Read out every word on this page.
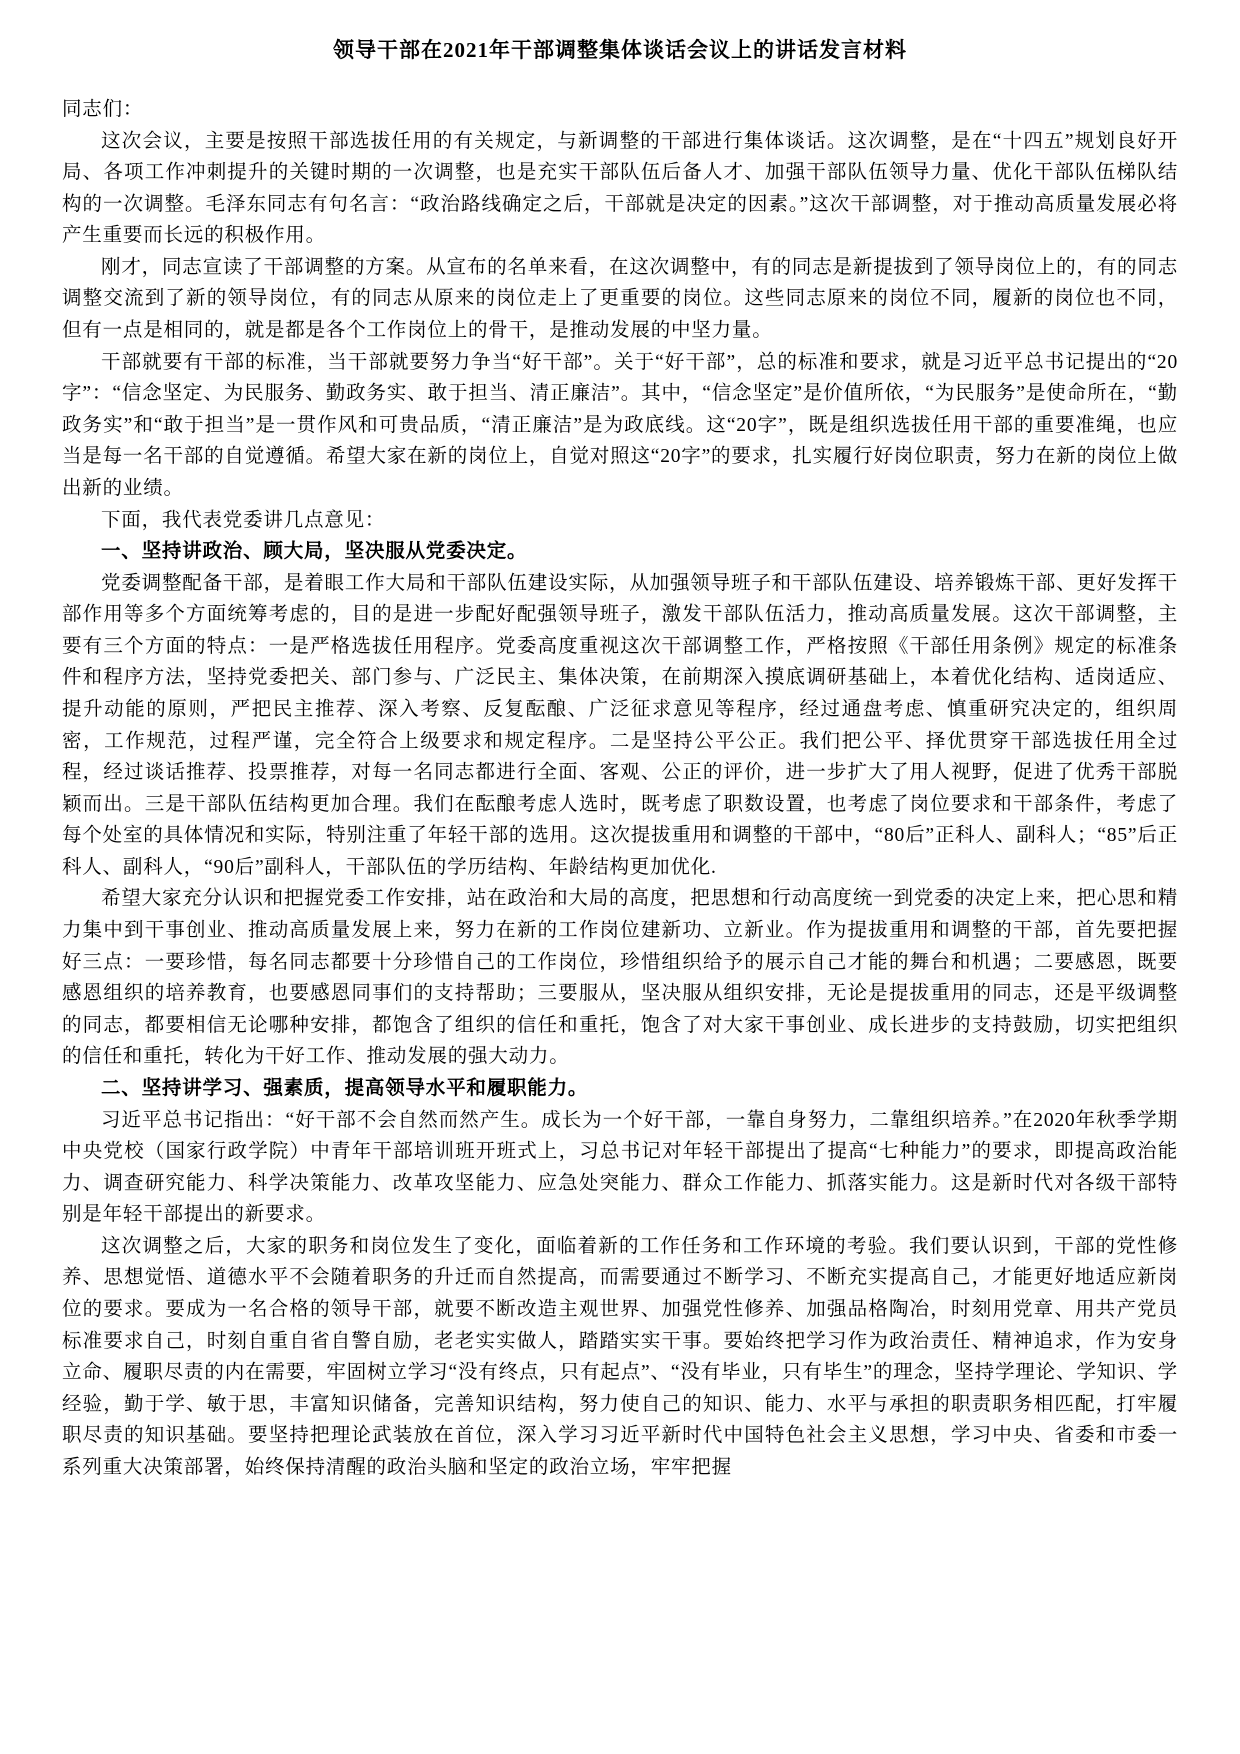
领导干部在2021年干部调整集体谈话会议上的讲话发言材料

同志们：

这次会议，主要是按照干部选拔任用的有关规定，与新调整的干部进行集体谈话。这次调整，是在“十四五”规划良好开局、各项工作冲刺提升的关键时期的一次调整，也是充实干部队伍后备人才、加强干部队伍领导力量、优化干部队伍梯队结构的一次调整。毛泽东同志有句名言：“政治路线确定之后，干部就是决定的因素。”这次干部调整，对于推动高质量发展必将产生重要而长远的积极作用。

刚才，同志宣读了干部调整的方案。从宣布的名单来看，在这次调整中，有的同志是新提拔到了领导岗位上的，有的同志调整交流到了新的领导岗位，有的同志从原来的岗位走上了更重要的岗位。这些同志原来的岗位不同，履新的岗位也不同，但有一点是相同的，就是都是各个工作岗位上的骨干，是推动发展的中坚力量。

干部就要有干部的标准，当干部就要努力争当“好干部”。关于“好干部”，总的标准和要求，就是习近平总书记提出的“20字”：“信念坚定、为民服务、勤政务实、敢于担当、清正廉洁”。其中，“信念坚定”是价值所依，“为民服务”是使命所在，“勤政务实”和“敢于担当”是一贯作风和可贵品质，“清正廉洁”是为政底线。这“20字”，既是组织选拔任用干部的重要准绳，也应当是每一名干部的自觉遵循。希望大家在新的岗位上，自觉对照这“20字”的要求，扎实履行好岗位职责，努力在新的岗位上做出新的业绩。

下面，我代表党委讲几点意见：

一、坚持讲政治、顾大局，坚决服从党委决定。

党委调整配备干部，是着眼工作大局和干部队伍建设实际，从加强领导班子和干部队伍建设、培养锻炼干部、更好发挥干部作用等多个方面统筹考虑的，目的是进一步配好配强领导班子，激发干部队伍活力，推动高质量发展。这次干部调整，主要有三个方面的特点：一是严格选拔任用程序。党委高度重视这次干部调整工作，严格按照《干部任用条例》规定的标准条件和程序方法，坚持党委把关、部门参与、广泛民主、集体决策，在前期深入摸底调研基础上，本着优化结构、适岗适应、提升动能的原则，严把民主推荐、深入考察、反复酝酿、广泛征求意见等程序，经过通盘考虑、慎重研究决定的，组织周密，工作规范，过程严谨，完全符合上级要求和规定程序。二是坚持公平公正。我们把公平、择优贯穿干部选拔任用全过程，经过谈话推荐、投票推荐，对每一名同志都进行全面、客观、公正的评价，进一步扩大了用人视野，促进了优秀干部脱颖而出。三是干部队伍结构更加合理。我们在酝酿考虑人选时，既考虑了职数设置，也考虑了岗位要求和干部条件，考虑了每个处室的具体情况和实际，特别注重了年轻干部的选用。这次提拔重用和调整的干部中，“80后”正科人、副科人；“85”后正科人、副科人，“90后”副科人，干部队伍的学历结构、年龄结构更加优化.

希望大家充分认识和把握党委工作安排，站在政治和大局的高度，把思想和行动高度统一到党委的决定上来，把心思和精力集中到干事创业、推动高质量发展上来，努力在新的工作岗位建新功、立新业。作为提拔重用和调整的干部，首先要把握好三点：一要珍惜，每名同志都要十分珍惜自己的工作岗位，珍惜组织给予的展示自己才能的舞台和机遇；二要感恩，既要感恩组织的培养教育，也要感恩同事们的支持帮助；三要服从，坚决服从组织安排，无论是提拔重用的同志，还是平级调整的同志，都要相信无论哪种安排，都饱含了组织的信任和重托，饱含了对大家干事创业、成长进步的支持鼓励，切实把组织的信任和重托，转化为干好工作、推动发展的强大动力。

二、坚持讲学习、强素质，提高领导水平和履职能力。

习近平总书记指出：“好干部不会自然而然产生。成长为一个好干部，一靠自身努力，二靠组织培养。”在2020年秋季学期中央党校（国家行政学院）中青年干部培训班开班式上，习总书记对年轻干部提出了提高“七种能力”的要求，即提高政治能力、调查研究能力、科学决策能力、改革攻坚能力、应急处突能力、群众工作能力、抓落实能力。这是新时代对各级干部特别是年轻干部提出的新要求。

这次调整之后，大家的职务和岗位发生了变化，面临着新的工作任务和工作环境的考验。我们要认识到，干部的党性修养、思想觉悟、道德水平不会随着职务的升迁而自然提高，而需要通过不断学习、不断充实提高自己，才能更好地适应新岗位的要求。要成为一名合格的领导干部，就要不断改造主观世界、加强党性修养、加强品格陶冶，时刻用党章、用共产党员标准要求自己，时刻自重自省自警自励，老老实实做人，踏踏实实干事。要始终把学习作为政治责任、精神追求，作为安身立命、履职尽责的内在需要，牢固树立学习“没有终点，只有起点”、“没有毕业，只有毕生”的理念，坚持学理论、学知识、学经验，勤于学、敏于思，丰富知识储备，完善知识结构，努力使自己的知识、能力、水平与承担的职责职务相匹配，打牢履职尽责的知识基础。要坚持把理论武装放在首位，深入学习习近平新时代中国特色社会主义思想，学习中央、省委和市委一系列重大决策部署，始终保持清醒的政治头脑和坚定的政治立场，牢牢把握
